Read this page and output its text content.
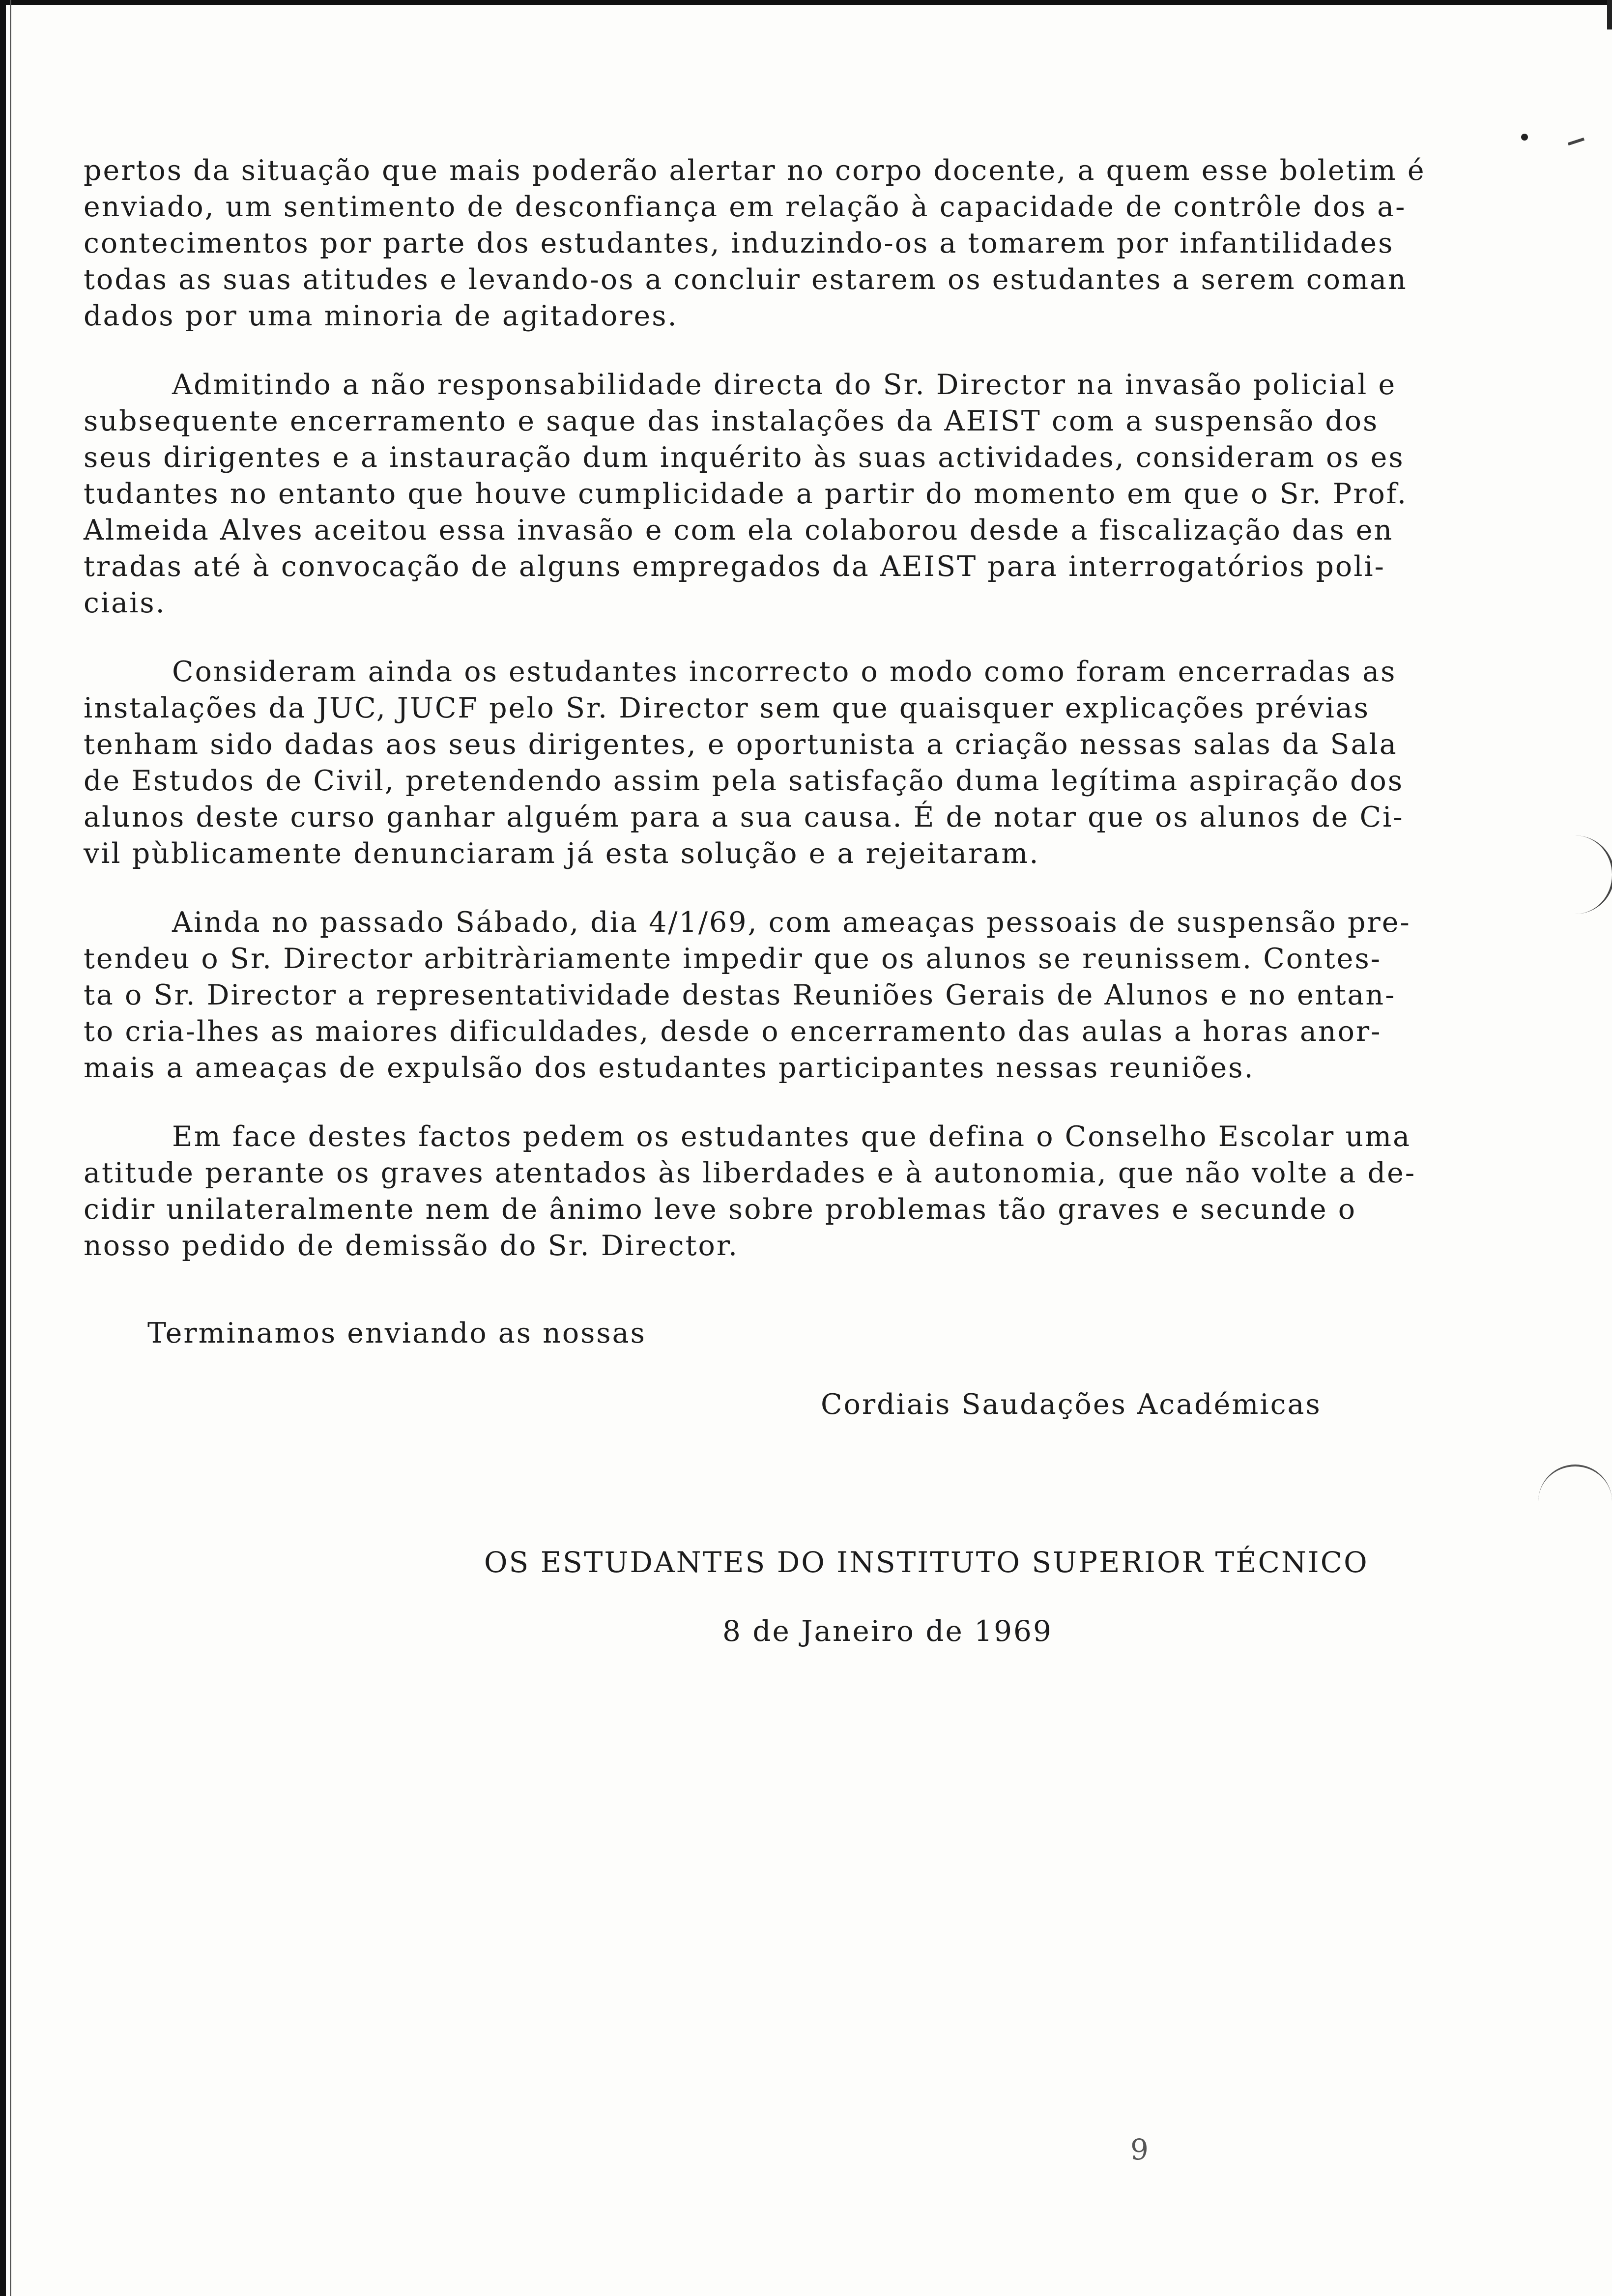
pertos da situação que mais poderão alertar no corpo docente, a quem esse boletim é
enviado, um sentimento de desconfiança em relação à capacidade de contrôle dos a-
contecimentos por parte dos estudantes, induzindo-os a tomarem por infantilidades
todas as suas atitudes e levando-os a concluir estarem os estudantes a serem coman
dados por uma minoria de agitadores.

Admitindo a não responsabilidade directa do Sr. Director na invasão policial e
subsequente encerramento e saque das instalações da AEIST com a suspensão dos
seus dirigentes e a instauração dum inquérito às suas actividades, consideram os es
tudantes no entanto que houve cumplicidade a partir do momento em que o Sr. Prof.
Almeida Alves aceitou essa invasão e com ela colaborou desde a fiscalização das en
tradas até à convocação de alguns empregados da AEIST para interrogatórios poli-
ciais.

Consideram ainda os estudantes incorrecto o modo como foram encerradas as
instalações da JUC, JUCF pelo Sr. Director sem que quaisquer explicações prévias
tenham sido dadas aos seus dirigentes, e oportunista a criação nessas salas da Sala
de Estudos de Civil, pretendendo assim pela satisfação duma legítima aspiração dos
alunos deste curso ganhar alguém para a sua causa. É de notar que os alunos de Ci-
vil pùblicamente denunciaram já esta solução e a rejeitaram.

Ainda no passado Sábado, dia 4/1/69, com ameaças pessoais de suspensão pre-
tendeu o Sr. Director arbitràriamente impedir que os alunos se reunissem. Contes-
ta o Sr. Director a representatividade destas Reuniões Gerais de Alunos e no entan-
to cria-lhes as maiores dificuldades, desde o encerramento das aulas a horas anor-
mais a ameaças de expulsão dos estudantes participantes nessas reuniões.

Em face destes factos pedem os estudantes que defina o Conselho Escolar uma
atitude perante os graves atentados às liberdades e à autonomia, que não volte a de-
cidir unilateralmente nem de ânimo leve sobre problemas tão graves e secunde o
nosso pedido de demissão do Sr. Director.

Terminamos enviando as nossas
Cordiais Saudações Académicas
OS ESTUDANTES DO INSTITUTO SUPERIOR TÉCNICO
8 de Janeiro de 1969
9
